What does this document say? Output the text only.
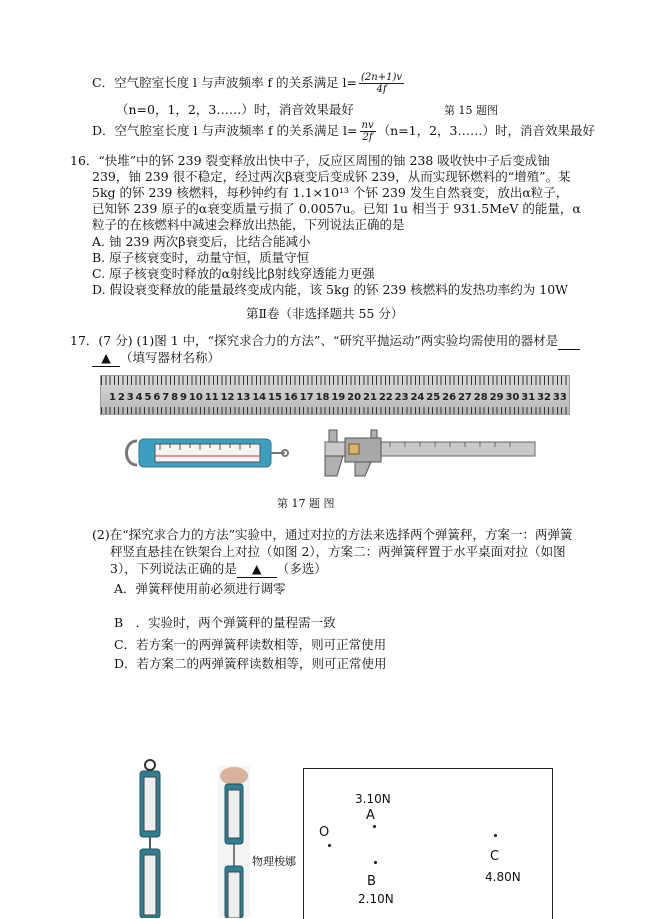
C．空气腔室长度 l 与声波频率 f 的关系满足 $l= \frac{(2n+1)v}{4f}$
（n=0，1，2，3……）时，消音效果最好	第 15 题图
D．空气腔室长度 l 与声波频率 f 的关系满足 $l= \frac{nv}{2f} (n=1$，2，3……）时，消音效果最好
16．“快堆”中的钚 239 裂变释放出快中子，反应区周围的铀 238 吸收快中子后变成铀
239，铀 239 很不稳定，经过两次β衰变后变成钚 239，从而实现钚燃料的“增殖”。某
5kg 的钚 239 核燃料，每秒钟约有 1.1×10¹³ 个钚 239 发生自然衰变，放出α粒子，
已知钚 239 原子的α衰变质量亏损了 0.0057u。已知 1u 相当于 931.5MeV 的能量，α
粒子的在核燃料中减速会释放出热能，下列说法正确的是
A. 铀 239 两次β衰变后，比结合能减小
B. 原子核衰变时，动量守恒，质量守恒
C. 原子核衰变时释放的α射线比β射线穿透能力更强
D. 假设衰变释放的能量最终变成内能，该 5kg 的钚 239 核燃料的发热功率约为 10W
第Ⅱ卷（非选择题共 55 分）
17．(7 分) (1)图 1 中，“探究求合力的方法”、“研究平抛运动”两实验均需使用的器材是
▲ （填写器材名称）
1 2 3 4 5 6 7 8 9 10 11 12 13 14 15 16 17 18 19 20 21 22 23 24 25 26 27 28 29 30 31 32 33
第 17 题 图
(2)在“探究求合力的方法”实验中，通过对拉的方法来选择两个弹簧秤，方案一：两弹簧
秤竖直悬挂在铁架台上对拉（如图 2），方案二：两弹簧秤置于水平桌面对拉（如图
3），下列说法正确的是 ▲ （多选）
A．弹簧秤使用前必须进行调零
B　．实验时，两个弹簧秤的量程需一致
C．若方案一的两弹簧秤读数相等，则可正常使用
D．若方案二的两弹簧秤读数相等，则可正常使用
物理梭娜
3.10N
A
O
C
4.80N
B
2.10N
